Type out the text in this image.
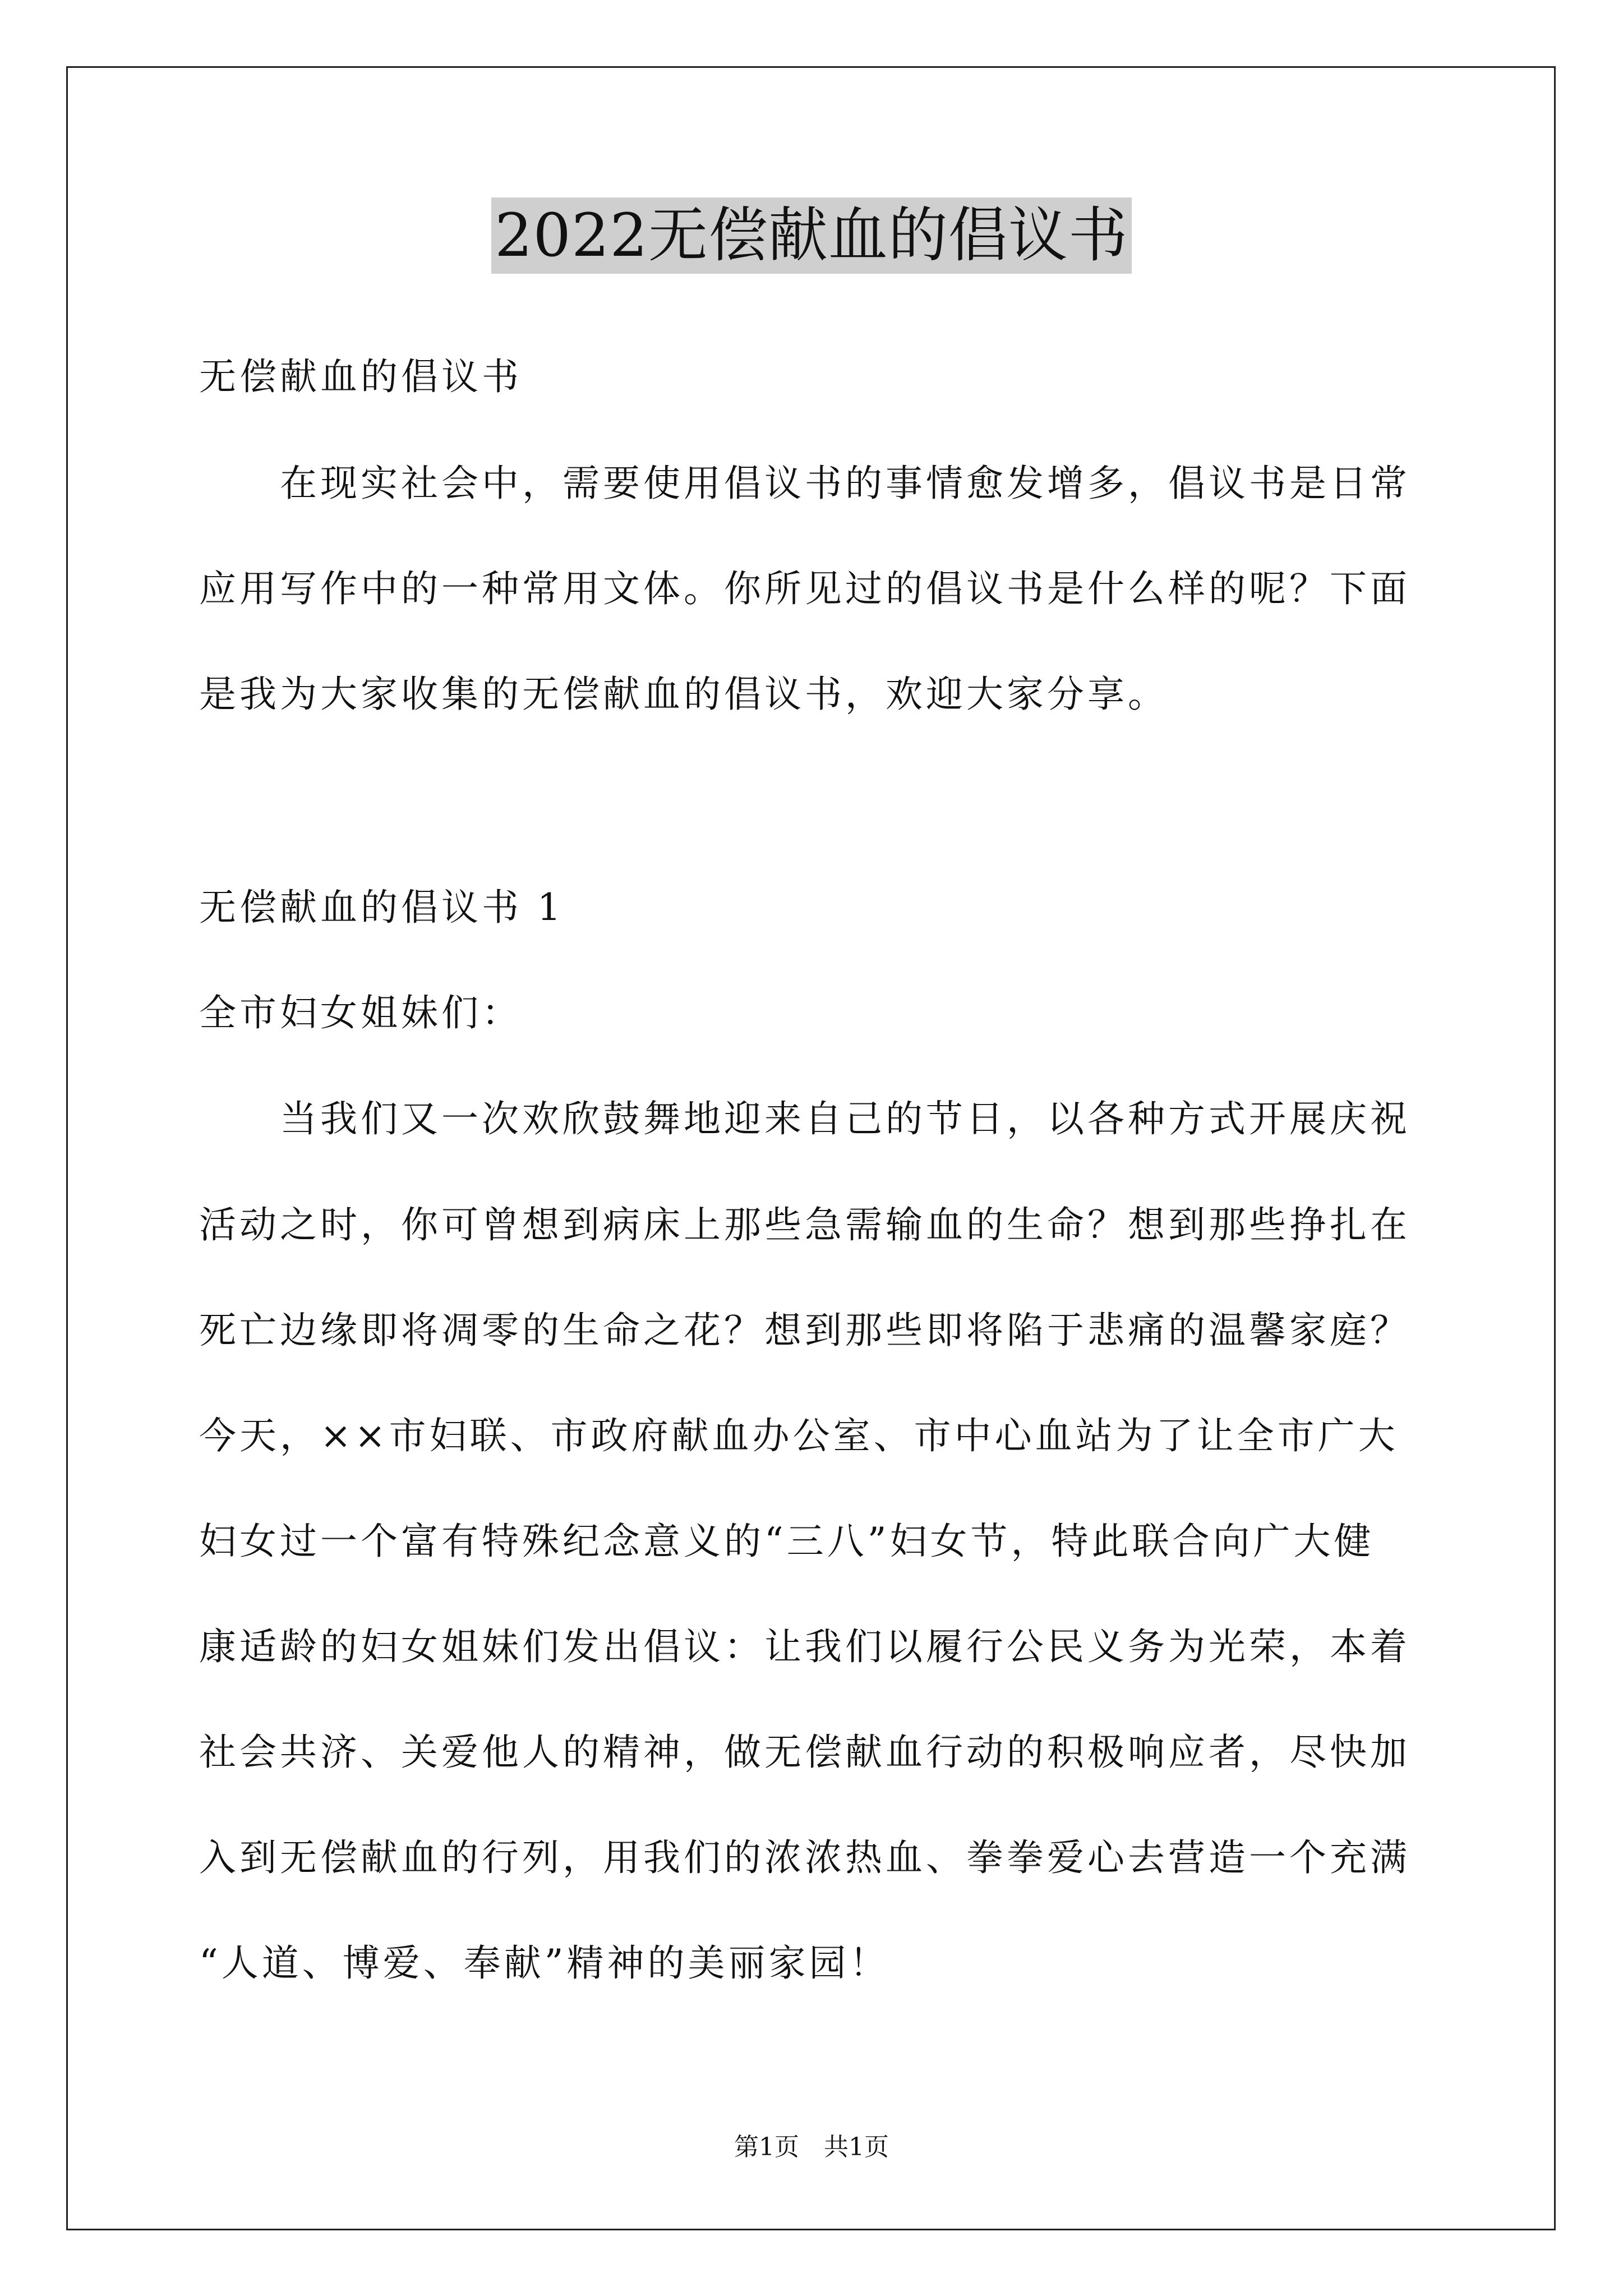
2022无偿献血的倡议书
无偿献血的倡议书
　　在现实社会中，需要使用倡议书的事情愈发增多，倡议书是日常
应用写作中的一种常用文体。你所见过的倡议书是什么样的呢？下面
是我为大家收集的无偿献血的倡议书，欢迎大家分享。
无偿献血的倡议书 1
全市妇女姐妹们：
　　当我们又一次欢欣鼓舞地迎来自己的节日，以各种方式开展庆祝
活动之时，你可曾想到病床上那些急需输血的生命？想到那些挣扎在
死亡边缘即将凋零的生命之花？想到那些即将陷于悲痛的温馨家庭？
今天，××市妇联、市政府献血办公室、市中心血站为了让全市广大
妇女过一个富有特殊纪念意义的“三八”妇女节，特此联合向广大健
康适龄的妇女姐妹们发出倡议：让我们以履行公民义务为光荣，本着
社会共济、关爱他人的精神，做无偿献血行动的积极响应者，尽快加
入到无偿献血的行列，用我们的浓浓热血、拳拳爱心去营造一个充满
“人道、博爱、奉献”精神的美丽家园！
第1页　共1页
